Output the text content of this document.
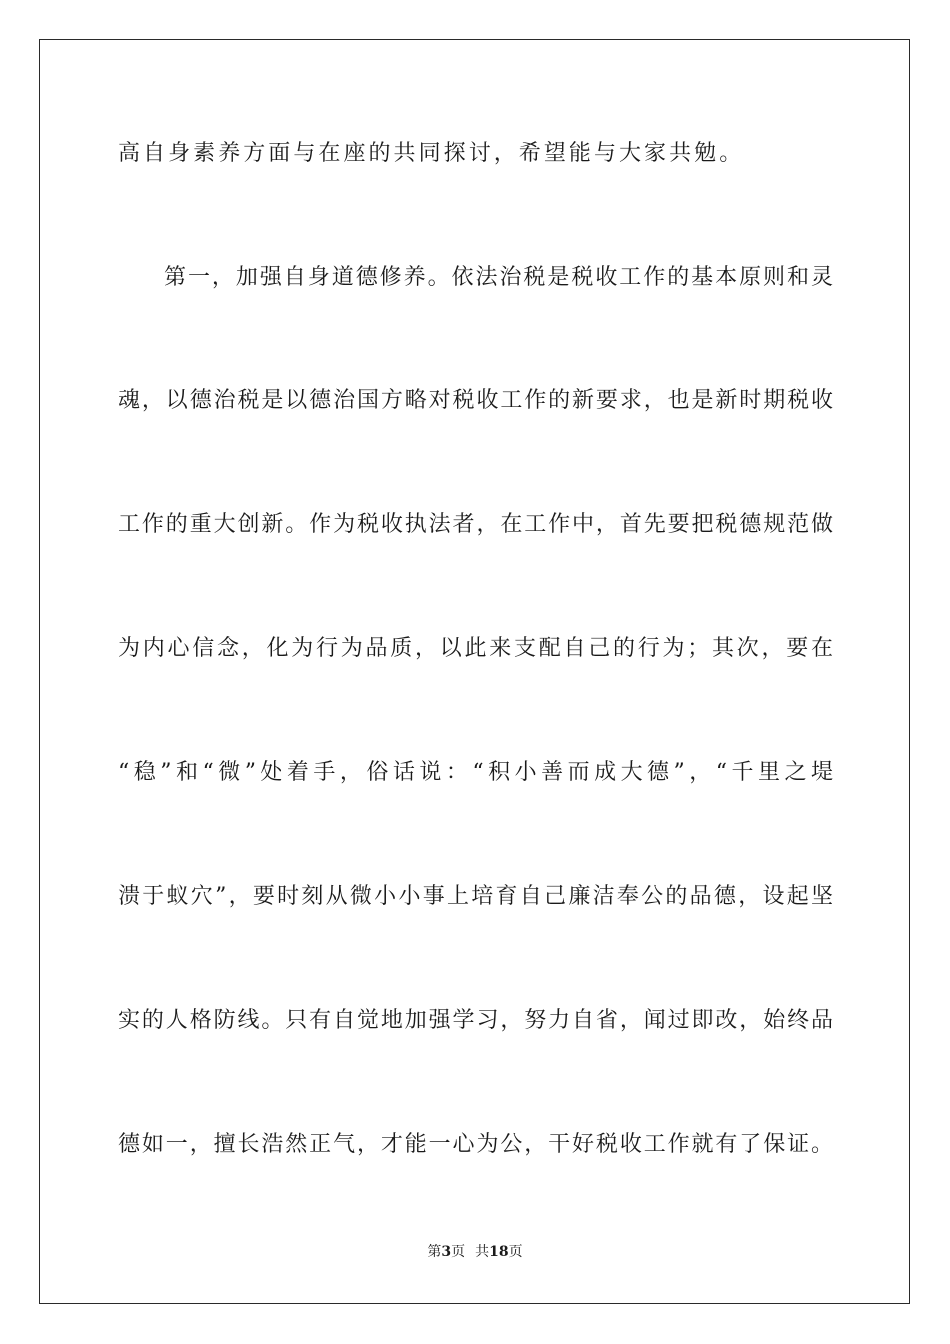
高自身素养方面与在座的共同探讨，希望能与大家共勉。

第一，加强自身道德修养。依法治税是税收工作的基本原则和灵

魂，以德治税是以德治国方略对税收工作的新要求，也是新时期税收

工作的重大创新。作为税收执法者，在工作中，首先要把税德规范做

为内心信念，化为行为品质，以此来支配自己的行为；其次，要在

“稳”和“微”处着手，俗话说：“积小善而成大德”，“千里之堤

溃于蚁穴”，要时刻从微小小事上培育自己廉洁奉公的品德，设起坚

实的人格防线。只有自觉地加强学习，努力自省，闻过即改，始终品

德如一，擅长浩然正气，才能一心为公，干好税收工作就有了保证。

第3页 共18页
